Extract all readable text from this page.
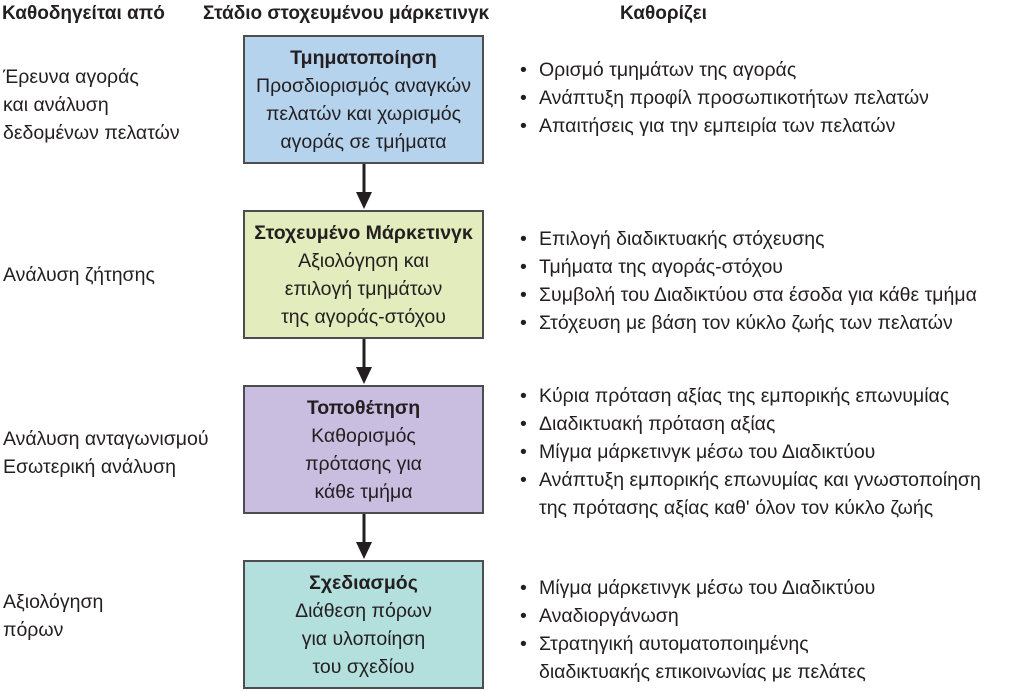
Καθοδηγείται από	Στάδιο στοχευμένου μάρκετινγκ	Καθορίζει
Έρευνα αγοράς
και ανάλυση
δεδομένων πελατών
Τμηματοποίηση
Προσδιορισμός αναγκών
πελατών και χωρισμός
αγοράς σε τμήματα
• Ορισμό τμημάτων της αγοράς
• Ανάπτυξη προφίλ προσωπικοτήτων πελατών
• Απαιτήσεις για την εμπειρία των πελατών
Ανάλυση ζήτησης
Στοχευμένο Μάρκετινγκ
Αξιολόγηση και
επιλογή τμημάτων
της αγοράς-στόχου
• Επιλογή διαδικτυακής στόχευσης
• Τμήματα της αγοράς-στόχου
• Συμβολή του Διαδικτύου στα έσοδα για κάθε τμήμα
• Στόχευση με βάση τον κύκλο ζωής των πελατών
Ανάλυση ανταγωνισμού
Εσωτερική ανάλυση
Τοποθέτηση
Καθορισμός
πρότασης για
κάθε τμήμα
• Κύρια πρόταση αξίας της εμπορικής επωνυμίας
• Διαδικτυακή πρόταση αξίας
• Μίγμα μάρκετινγκ μέσω του Διαδικτύου
• Ανάπτυξη εμπορικής επωνυμίας και γνωστοποίηση
της πρότασης αξίας καθ' όλον τον κύκλο ζωής
Αξιολόγηση
πόρων
Σχεδιασμός
Διάθεση πόρων
για υλοποίηση
του σχεδίου
• Μίγμα μάρκετινγκ μέσω του Διαδικτύου
• Αναδιοργάνωση
• Στρατηγική αυτοματοποιημένης
διαδικτυακής επικοινωνίας με πελάτες
